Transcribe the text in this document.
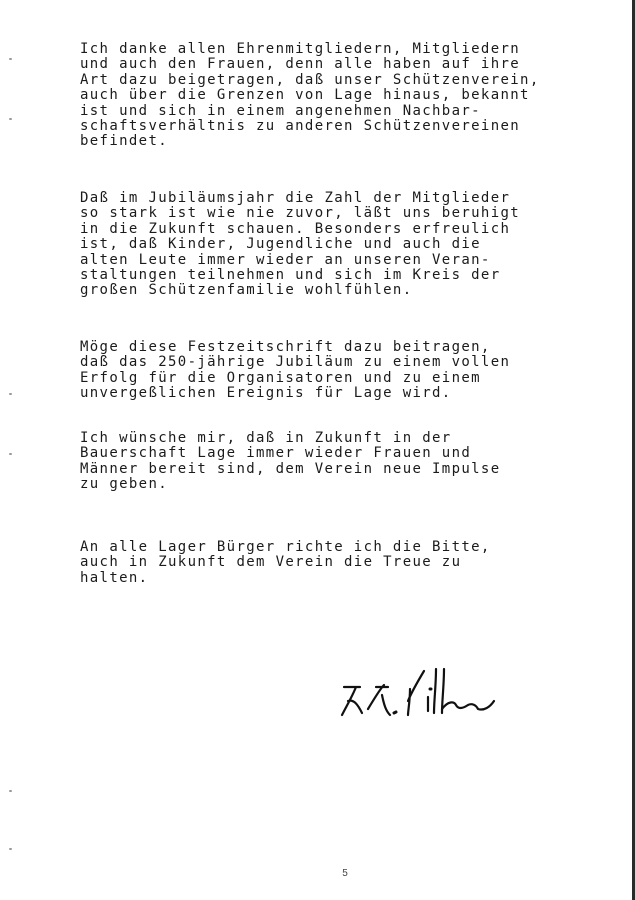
Ich danke allen Ehrenmitgliedern, Mitgliedern
und auch den Frauen, denn alle haben auf ihre
Art dazu beigetragen, daß unser Schützenverein,
auch über die Grenzen von Lage hinaus, bekannt
ist und sich in einem angenehmen Nachbar-
schaftsverhältnis zu anderen Schützenvereinen
befindet.

Daß im Jubiläumsjahr die Zahl der Mitglieder
so stark ist wie nie zuvor, läßt uns beruhigt
in die Zukunft schauen. Besonders erfreulich
ist, daß Kinder, Jugendliche und auch die
alten Leute immer wieder an unseren Veran-
staltungen teilnehmen und sich im Kreis der
großen Schützenfamilie wohlfühlen.

Möge diese Festzeitschrift dazu beitragen,
daß das 250-jährige Jubiläum zu einem vollen
Erfolg für die Organisatoren und zu einem
unvergeßlichen Ereignis für Lage wird.

Ich wünsche mir, daß in Zukunft in der
Bauerschaft Lage immer wieder Frauen und
Männer bereit sind, dem Verein neue Impulse
zu geben.

An alle Lager Bürger richte ich die Bitte,
auch in Zukunft dem Verein die Treue zu
halten.

5
